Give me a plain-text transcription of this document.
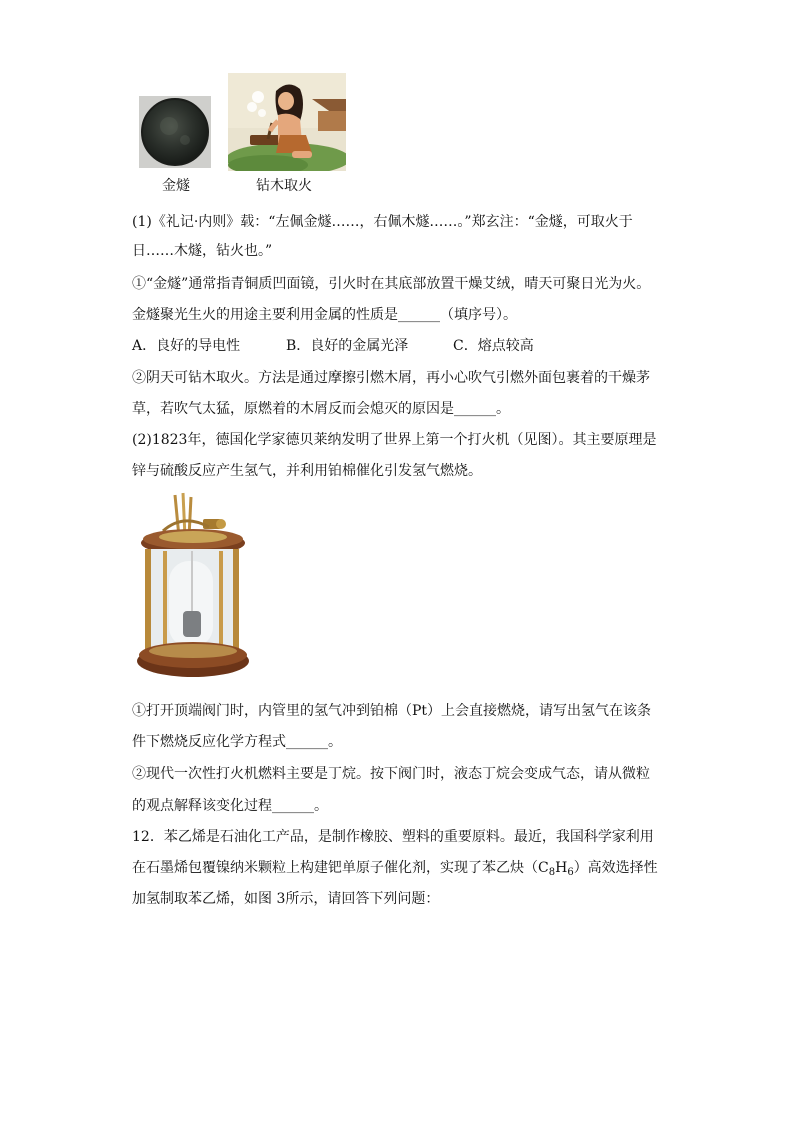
金燧	钻木取火
(1)《礼记·内则》载：“左佩金燧……，右佩木燧……。”郑玄注：“金燧，可取火于
日……木燧，钻火也。”
①“金燧”通常指青铜质凹面镜，引火时在其底部放置干燥艾绒，晴天可聚日光为火。
金燧聚光生火的用途主要利用金属的性质是______（填序号）。
A．良好的导电性	B．良好的金属光泽	C．熔点较高
②阴天可钻木取火。方法是通过摩擦引燃木屑，再小心吹气引燃外面包裹着的干燥茅
草，若吹气太猛，原燃着的木屑反而会熄灭的原因是______。
(2)1823年，德国化学家德贝莱纳发明了世界上第一个打火机（见图）。其主要原理是
锌与硫酸反应产生氢气，并利用铂棉催化引发氢气燃烧。
①打开顶端阀门时，内管里的氢气冲到铂棉（Pt）上会直接燃烧，请写出氢气在该条
件下燃烧反应化学方程式______。
②现代一次性打火机燃料主要是丁烷。按下阀门时，液态丁烷会变成气态，请从微粒
的观点解释该变化过程______。
12．苯乙烯是石油化工产品，是制作橡胶、塑料的重要原料。最近，我国科学家利用
在石墨烯包覆镍纳米颗粒上构建钯单原子催化剂，实现了苯乙炔$(C_8H_6)$高效选择性
加氢制取苯乙烯，如图 3所示，请回答下列问题：
